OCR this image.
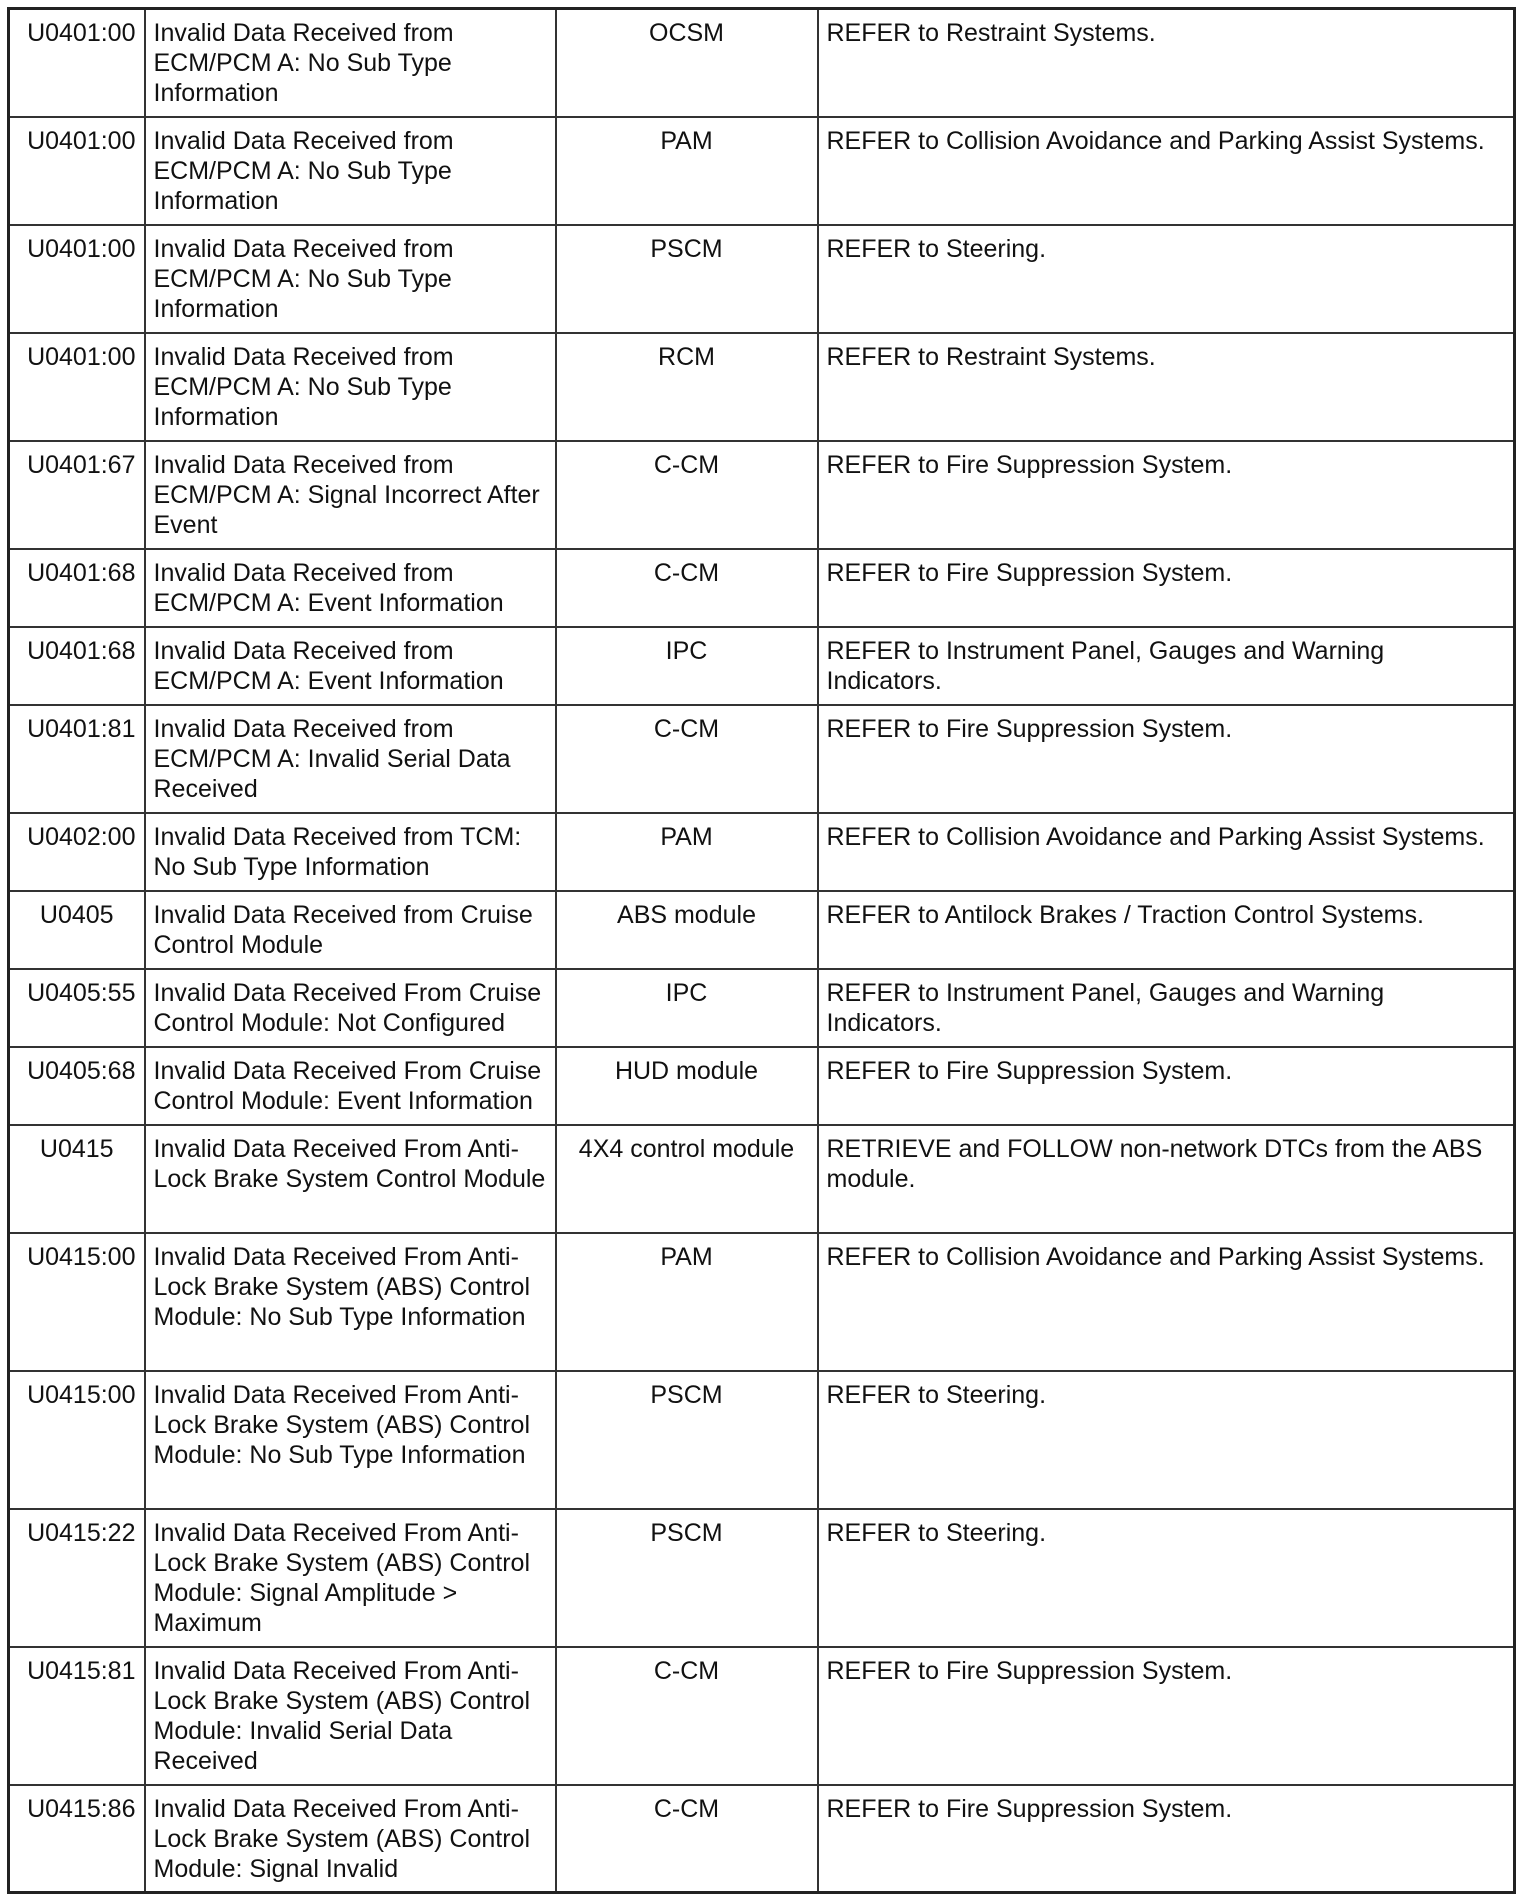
U0401:00	Invalid Data Received from ECM/PCM A: No Sub Type Information	OCSM	REFER to Restraint Systems.
U0401:00	Invalid Data Received from ECM/PCM A: No Sub Type Information	PAM	REFER to Collision Avoidance and Parking Assist Systems.
U0401:00	Invalid Data Received from ECM/PCM A: No Sub Type Information	PSCM	REFER to Steering.
U0401:00	Invalid Data Received from ECM/PCM A: No Sub Type Information	RCM	REFER to Restraint Systems.
U0401:67	Invalid Data Received from ECM/PCM A: Signal Incorrect After Event	C-CM	REFER to Fire Suppression System.
U0401:68	Invalid Data Received from ECM/PCM A: Event Information	C-CM	REFER to Fire Suppression System.
U0401:68	Invalid Data Received from ECM/PCM A: Event Information	IPC	REFER to Instrument Panel, Gauges and Warning Indicators.
U0401:81	Invalid Data Received from ECM/PCM A: Invalid Serial Data Received	C-CM	REFER to Fire Suppression System.
U0402:00	Invalid Data Received from TCM: No Sub Type Information	PAM	REFER to Collision Avoidance and Parking Assist Systems.
U0405	Invalid Data Received from Cruise Control Module	ABS module	REFER to Antilock Brakes / Traction Control Systems.
U0405:55	Invalid Data Received From Cruise Control Module: Not Configured	IPC	REFER to Instrument Panel, Gauges and Warning Indicators.
U0405:68	Invalid Data Received From Cruise Control Module: Event Information	HUD module	REFER to Fire Suppression System.
U0415	Invalid Data Received From Anti-Lock Brake System Control Module	4X4 control module	RETRIEVE and FOLLOW non-network DTCs from the ABS module.
U0415:00	Invalid Data Received From Anti-Lock Brake System (ABS) Control Module: No Sub Type Information	PAM	REFER to Collision Avoidance and Parking Assist Systems.
U0415:00	Invalid Data Received From Anti-Lock Brake System (ABS) Control Module: No Sub Type Information	PSCM	REFER to Steering.
U0415:22	Invalid Data Received From Anti-Lock Brake System (ABS) Control Module: Signal Amplitude > Maximum	PSCM	REFER to Steering.
U0415:81	Invalid Data Received From Anti-Lock Brake System (ABS) Control Module: Invalid Serial Data Received	C-CM	REFER to Fire Suppression System.
U0415:86	Invalid Data Received From Anti-Lock Brake System (ABS) Control Module: Signal Invalid	C-CM	REFER to Fire Suppression System.
